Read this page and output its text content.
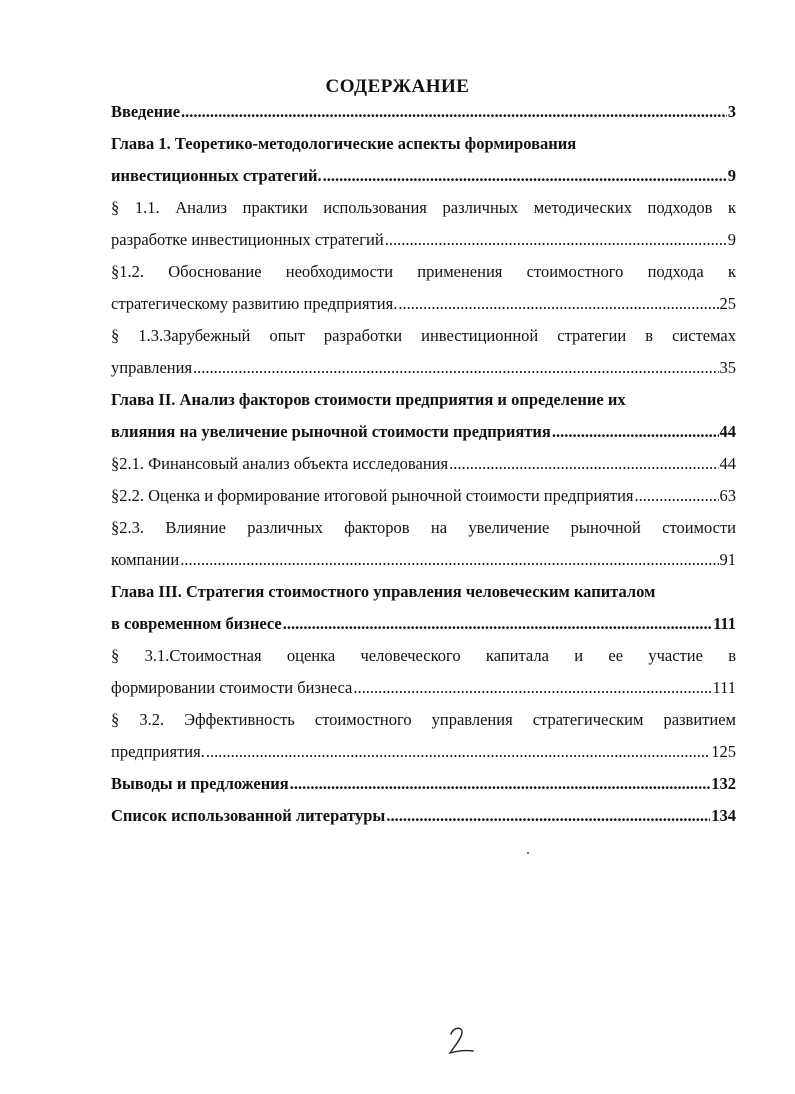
СОДЕРЖАНИЕ
Введение .....	3
Глава 1. Теоретико-методологические аспекты формирования
инвестиционных стратегий. .....	9
§ 1.1. Анализ практики использования различных методических подходов к
разработке инвестиционных стратегий .....	9
§1.2. Обоснование необходимости применения стоимостного подхода к
стратегическому развитию предприятия. .....	25
§ 1.3.Зарубежный опыт разработки инвестиционной стратегии в системах
управления .....	35
Глава II. Анализ факторов стоимости предприятия и определение их
влияния на увеличение рыночной стоимости предприятия .....	44
§2.1. Финансовый анализ объекта исследования .....	44
§2.2. Оценка и формирование итоговой рыночной стоимости предприятия .....	63
§2.3. Влияние различных факторов на увеличение рыночной стоимости
компании .....	91
Глава III. Стратегия стоимостного управления человеческим капиталом
в современном бизнесе .....	111
§ 3.1.Стоимостная оценка человеческого капитала и ее участие в
формировании стоимости бизнеса .....	111
§ 3.2. Эффективность стоимостного управления стратегическим развитием
предприятия. .....	125
Выводы и предложения .....	132
Список использованной литературы .....	134
